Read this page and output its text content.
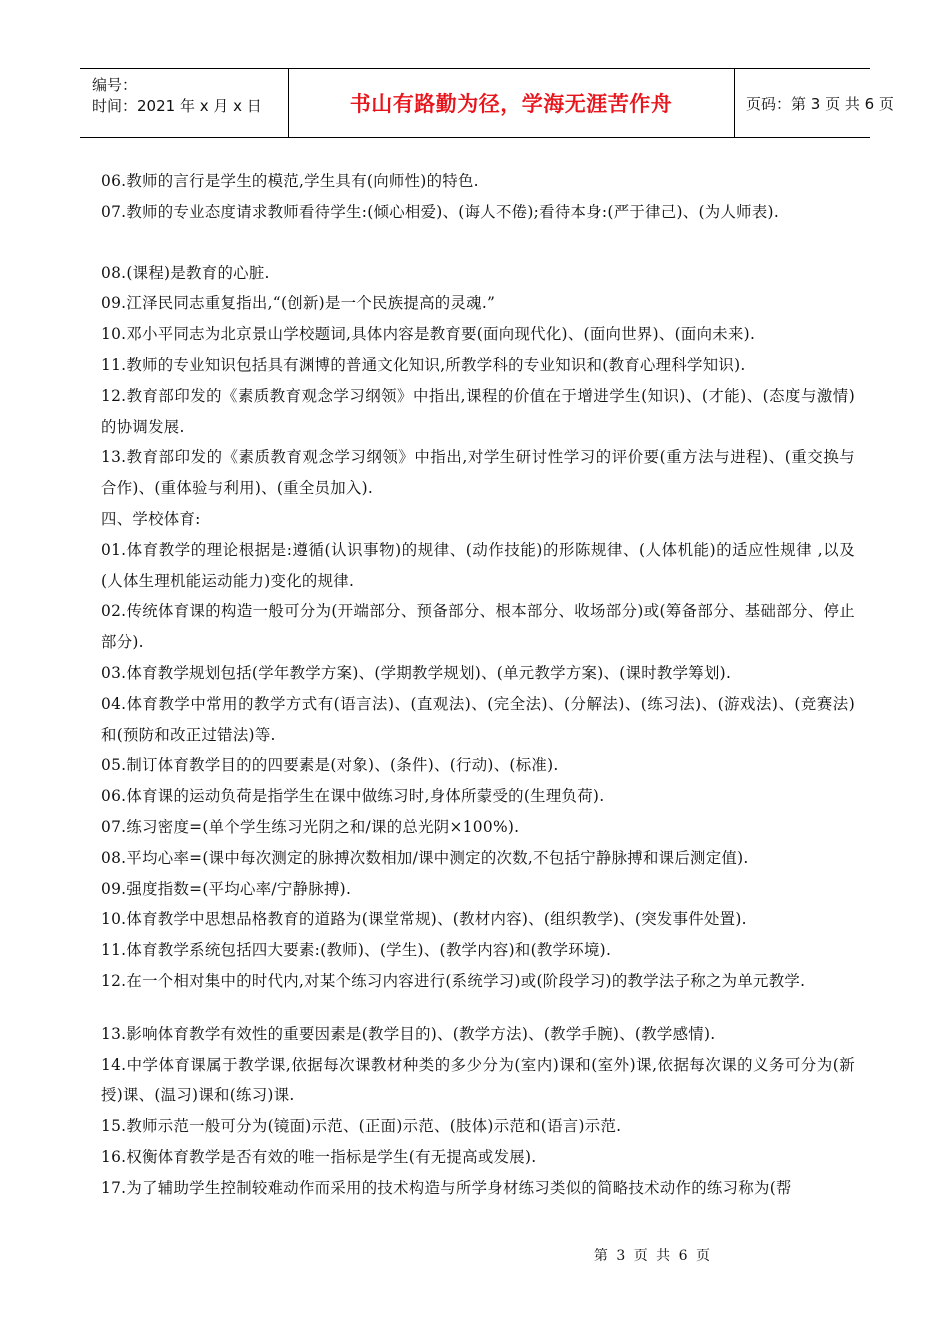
编号：
时间：2021 年 x 月 x 日	书山有路勤为径，学海无涯苦作舟	页码：第 3 页 共 6 页

06.教师的言行是学生的模范,学生具有(向师性)的特色.

07.教师的专业态度请求教师看待学生:(倾心相爱)、(诲人不倦);看待本身:(严于律己)、(为人师表).

08.(课程)是教育的心脏.

09.江泽民同志重复指出,“(创新)是一个民族提高的灵魂.”

10.邓小平同志为北京景山学校题词,具体内容是教育要(面向现代化)、(面向世界)、(面向未来).

11.教师的专业知识包括具有渊博的普通文化知识,所教学科的专业知识和(教育心理科学知识).

12.教育部印发的《素质教育观念学习纲领》中指出,课程的价值在于增进学生(知识)、(才能)、(态度与激情)的协调发展.

13.教育部印发的《素质教育观念学习纲领》中指出,对学生研讨性学习的评价要(重方法与进程)、(重交换与合作)、(重体验与利用)、(重全员加入).

四、学校体育:

01.体育教学的理论根据是:遵循(认识事物)的规律、(动作技能)的形陈规律、(人体机能)的适应性规律 ,以及(人体生理机能运动能力)变化的规律.

02.传统体育课的构造一般可分为(开端部分、预备部分、根本部分、收场部分)或(筹备部分、基础部分、停止部分).

03.体育教学规划包括(学年教学方案)、(学期教学规划)、(单元教学方案)、(课时教学筹划).

04.体育教学中常用的教学方式有(语言法)、(直观法)、(完全法)、(分解法)、(练习法)、(游戏法)、(竞赛法)和(预防和改正过错法)等.

05.制订体育教学目的的四要素是(对象)、(条件)、(行动)、(标准).

06.体育课的运动负荷是指学生在课中做练习时,身体所蒙受的(生理负荷).

07.练习密度=(单个学生练习光阴之和/课的总光阴×100%).

08.平均心率=(课中每次测定的脉搏次数相加/课中测定的次数,不包括宁静脉搏和课后测定值).

09.强度指数=(平均心率/宁静脉搏).

10.体育教学中思想品格教育的道路为(课堂常规)、(教材内容)、(组织教学)、(突发事件处置).

11.体育教学系统包括四大要素:(教师)、(学生)、(教学内容)和(教学环境).

12.在一个相对集中的时代内,对某个练习内容进行(系统学习)或(阶段学习)的教学法子称之为单元教学.

13.影响体育教学有效性的重要因素是(教学目的)、(教学方法)、(教学手腕)、(教学感情).

14.中学体育课属于教学课,依据每次课教材种类的多少分为(室内)课和(室外)课,依据每次课的义务可分为(新授)课、(温习)课和(练习)课.

15.教师示范一般可分为(镜面)示范、(正面)示范、(肢体)示范和(语言)示范.

16.权衡体育教学是否有效的唯一指标是学生(有无提高或发展).

17.为了辅助学生控制较难动作而采用的技术构造与所学身材练习类似的简略技术动作的练习称为(帮

第 3 页 共 6 页
